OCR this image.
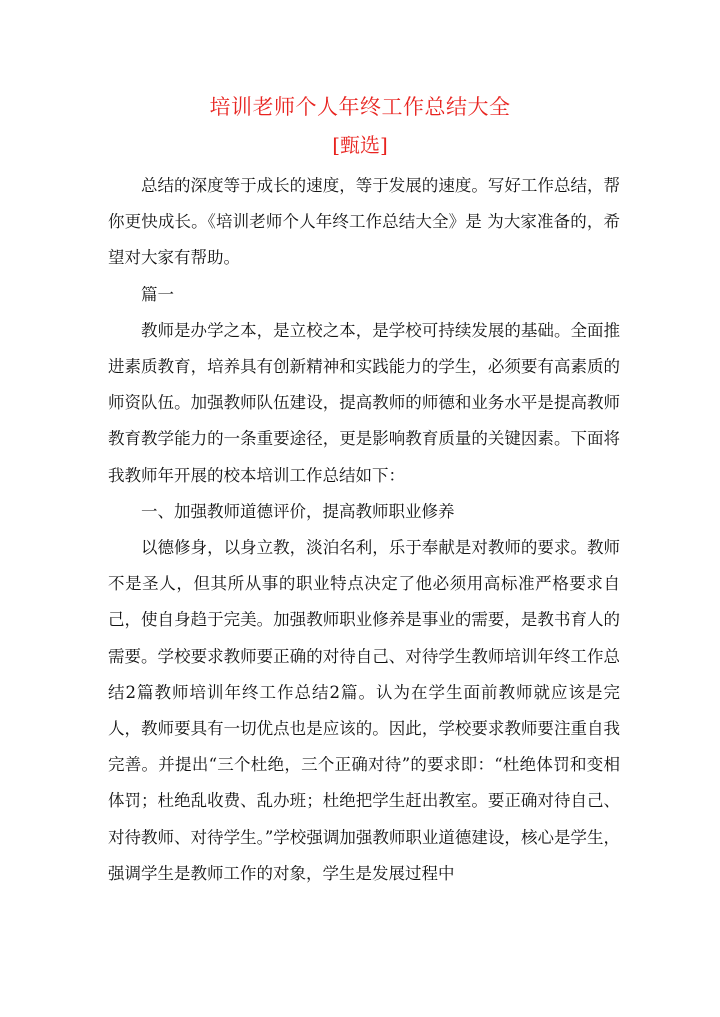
培训老师个人年终工作总结大全
[甄选]

总结的深度等于成长的速度，等于发展的速度。写好工作总结，帮你更快成长。《培训老师个人年终工作总结大全》是 为大家准备的，希望对大家有帮助。

篇一

教师是办学之本，是立校之本，是学校可持续发展的基础。全面推进素质教育，培养具有创新精神和实践能力的学生，必须要有高素质的师资队伍。加强教师队伍建设，提高教师的师德和业务水平是提高教师教育教学能力的一条重要途径，更是影响教育质量的关键因素。下面将我教师年开展的校本培训工作总结如下：

一、加强教师道德评价，提高教师职业修养

以德修身，以身立教，淡泊名利，乐于奉献是对教师的要求。教师不是圣人，但其所从事的职业特点决定了他必须用高标准严格要求自己，使自身趋于完美。加强教师职业修养是事业的需要，是教书育人的需要。学校要求教师要正确的对待自己、对待学生教师培训年终工作总结2篇教师培训年终工作总结2篇。认为在学生面前教师就应该是完人，教师要具有一切优点也是应该的。因此，学校要求教师要注重自我完善。并提出“三个杜绝，三个正确对待”的要求即：“杜绝体罚和变相体罚；杜绝乱收费、乱办班；杜绝把学生赶出教室。要正确对待自己、对待教师、对待学生。”学校强调加强教师职业道德建设，核心是学生，强调学生是教师工作的对象，学生是发展过程中
